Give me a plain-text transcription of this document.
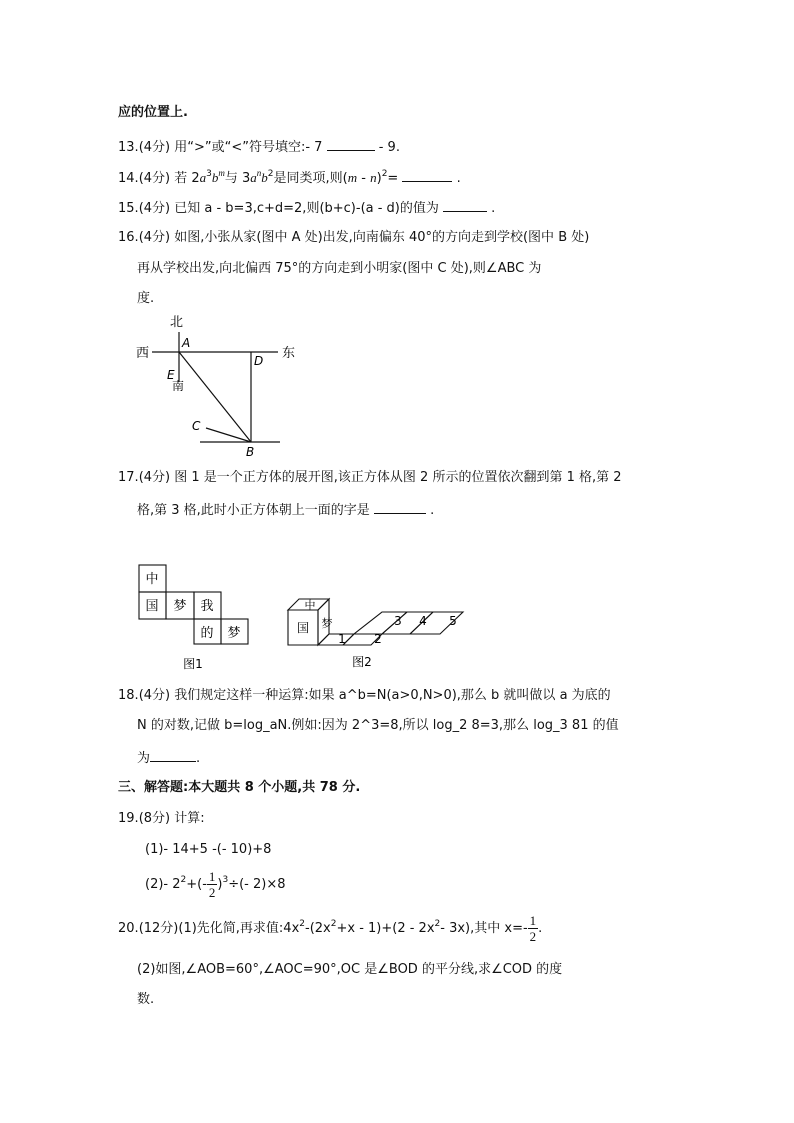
应的位置上.
13.(4分) 用“>”或“<”符号填空:- 7	- 9.
14.(4分) 若 $2a^3b^m$与 $3a^nb^2$是同类项,则(m - n)$^2$=	.
15.(4分) 已知 a - b=3,c+d=2,则(b+c)-(a - d)的值为	.
16.(4分) 如图,小张从家(图中 A 处)出发,向南偏东 40°的方向走到学校(图中 B 处)
再从学校出发,向北偏西 75°的方向走到小明家(图中 C 处),则∠ABC 为
度.
北
西	东
A
D
E
南
C
B
17.(4分) 图 1 是一个正方体的展开图,该正方体从图 2 所示的位置依次翻到第 1 格,第 2
格,第 3 格,此时小正方体朝上一面的字是	.
中
国 梦 我
的 梦
图1
国
中
梦
1 2
3 4 5
图2
18.(4分) 我们规定这样一种运算:如果 a^b=N(a>0,N>0),那么 b 就叫做以 a 为底的
N 的对数,记做 b=log_aN.例如:因为 2^3=8,所以 log_2 8=3,那么 log_3 81 的值
为	.
三、解答题:本大题共 8 个小题,共 78 分.
19.(8分) 计算:
(1)- 14+5 -(- 10)+8
(2)- $2^2+(- \frac{1}{2} )^3\div(-$ 2)×8
20.(12分)(1)先化简,再求值$:4x^2-(2x^2+x - 1)+(2 - 2x^2-$ 3x),其中 $x=- \frac{1}{2}$ .
(2)如图,∠AOB=60°,∠AOC=90°,OC 是∠BOD 的平分线,求∠COD 的度
数.
